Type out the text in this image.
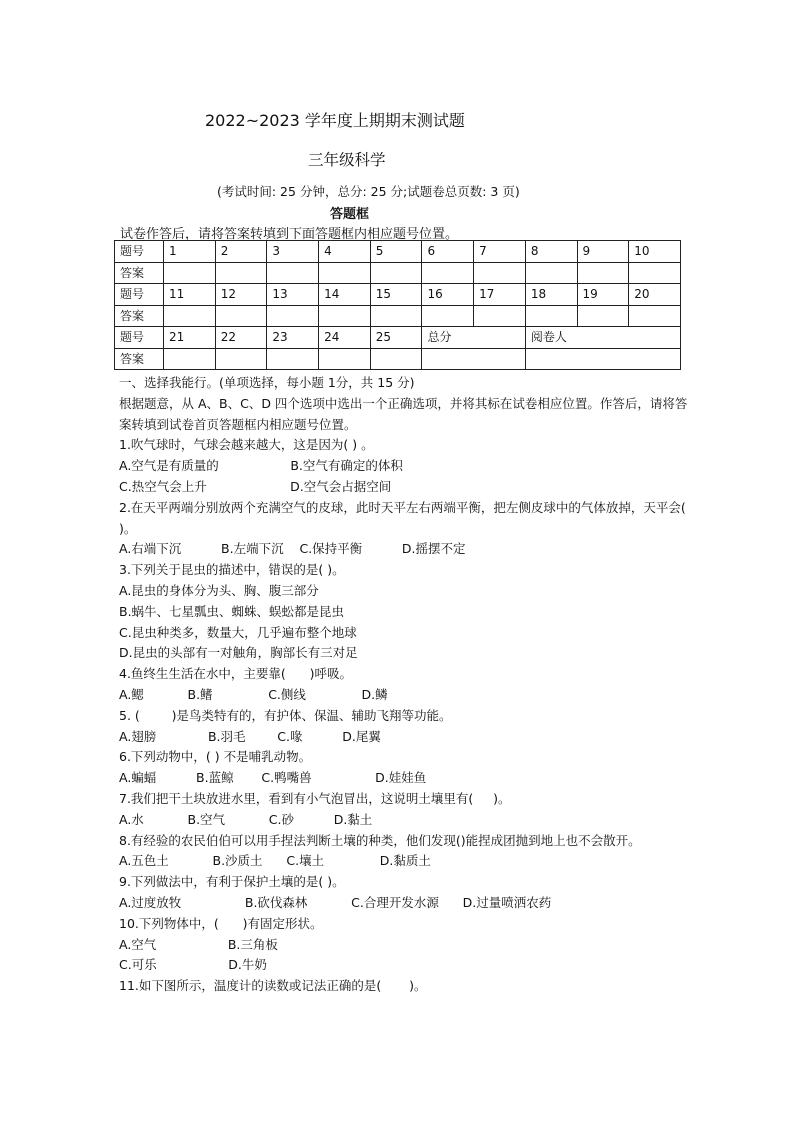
2022~2023 学年度上期期末测试题
三年级科学
(考试时间: 25 分钟，总分: 25 分;试题卷总页数: 3 页)
答题框
试卷作答后，请将答案转填到下面答题框内相应题号位置。
题号	1	2	3	4	5	6	7	8	9	10
答案										
题号	11	12	13	14	15	16	17	18	19	20
答案										
题号	21	22	23	24	25	总分		阅卷人		
答案										
一、选择我能行。(单项选择，每小题 1分，共 15 分)
根据题意，从 A、B、C、D 四个选项中选出一个正确选项，并将其标在试卷相应位置。作答后，请将答案转填到试卷首页答题框内相应题号位置。
1.吹气球时，气球会越来越大，这是因为( ) 。
A.空气是有质量的                  B.空气有确定的体积
C.热空气会上升                     D.空气会占据空间
2.在天平两端分别放两个充满空气的皮球，此时天平左右两端平衡，把左侧皮球中的气体放掉，天平会( )。
A.右端下沉          B.左端下沉    C.保持平衡          D.摇摆不定
3.下列关于昆虫的描述中，错误的是( )。
A.昆虫的身体分为头、胸、腹三部分
B.蜗牛、七星瓢虫、蜘蛛、蜈蚣都是昆虫
C.昆虫种类多，数量大，几乎遍布整个地球
D.昆虫的头部有一对触角，胸部长有三对足
4.鱼终生生活在水中，主要靠(      )呼吸。
A.鳃           B.鳍              C.侧线              D.鳞
5. (        )是鸟类特有的，有护体、保温、辅助飞翔等功能。
A.翅膀             B.羽毛        C.喙          D.尾翼
6.下列动物中，( ) 不是哺乳动物。
A.蝙蝠          B.蓝鲸       C.鸭嘴兽                D.娃娃鱼
7.我们把干土块放进水里，看到有小气泡冒出，这说明土壤里有(     )。
A.水           B.空气           C.砂          D.黏土
8.有经验的农民伯伯可以用手捏法判断土壤的种类，他们发现()能捏成团抛到地上也不会散开。
A.五色土           B.沙质土      C.壤土              D.黏质土
9.下列做法中，有利于保护土壤的是( )。
A.过度放牧                B.砍伐森林           C.合理开发水源      D.过量喷洒农药
10.下列物体中，(      )有固定形状。
A.空气                  B.三角板
C.可乐                  D.牛奶
11.如下图所示，温度计的读数或记法正确的是(       )。
